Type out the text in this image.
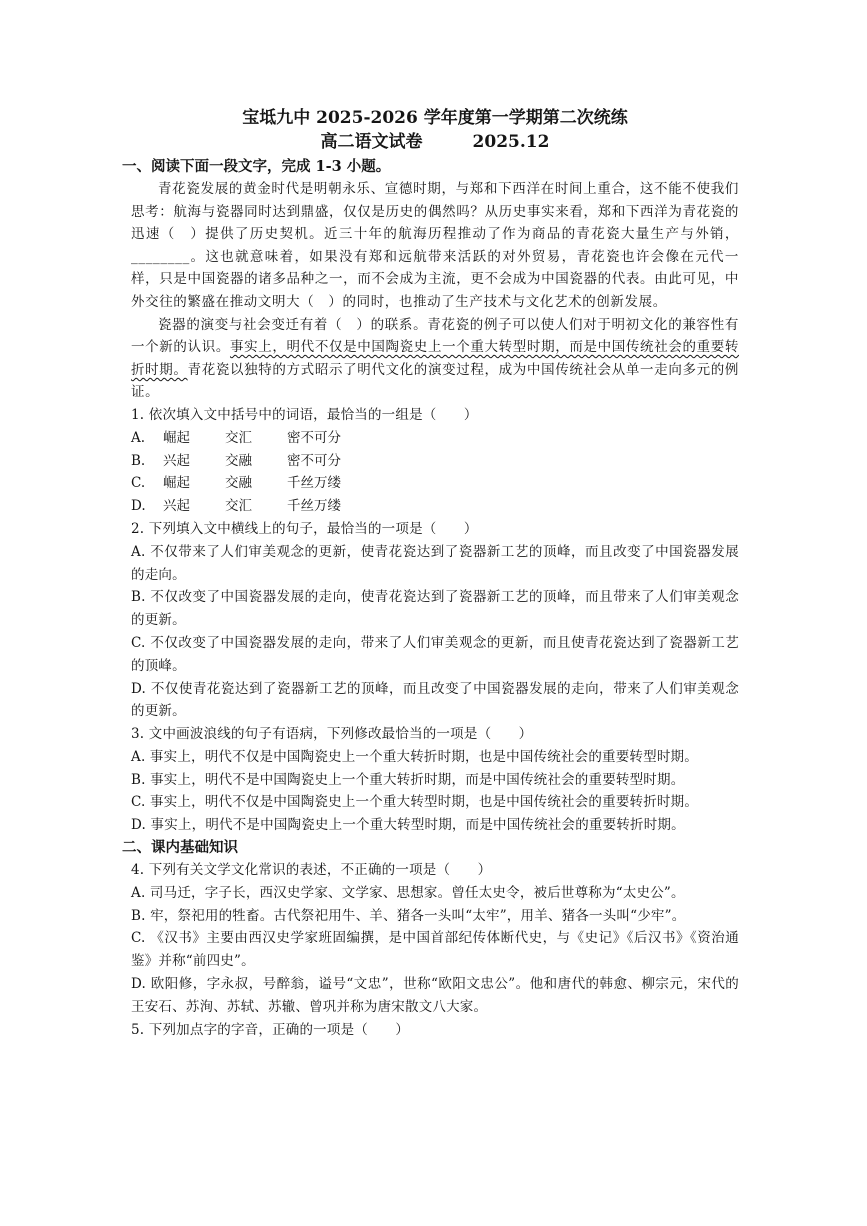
宝坻九中 2025-2026 学年度第一学期第二次统练
高二语文试卷	2025.12
一、阅读下面一段文字，完成 1-3 小题。
青花瓷发展的黄金时代是明朝永乐、宣德时期，与郑和下西洋在时间上重合，这不能不使我们思考：航海与瓷器同时达到鼎盛，仅仅是历史的偶然吗？从历史事实来看，郑和下西洋为青花瓷的迅速（　）提供了历史契机。近三十年的航海历程推动了作为商品的青花瓷大量生产与外销，________。这也就意味着，如果没有郑和远航带来活跃的对外贸易，青花瓷也许会像在元代一样，只是中国瓷器的诸多品种之一，而不会成为主流，更不会成为中国瓷器的代表。由此可见，中外交往的繁盛在推动文明大（　）的同时，也推动了生产技术与文化艺术的创新发展。
瓷器的演变与社会变迁有着（　）的联系。青花瓷的例子可以使人们对于明初文化的兼容性有一个新的认识。事实上，明代不仅是中国陶瓷史上一个重大转型时期，而是中国传统社会的重要转折时期。青花瓷以独特的方式昭示了明代文化的演变过程，成为中国传统社会从单一走向多元的例证。
1. 依次填入文中括号中的词语，最恰当的一组是（　　）
A.	崛起	交汇	密不可分
B.	兴起	交融	密不可分
C.	崛起	交融	千丝万缕
D.	兴起	交汇	千丝万缕
2. 下列填入文中横线上的句子，最恰当的一项是（　　）
A. 不仅带来了人们审美观念的更新，使青花瓷达到了瓷器新工艺的顶峰，而且改变了中国瓷器发展的走向。
B. 不仅改变了中国瓷器发展的走向，使青花瓷达到了瓷器新工艺的顶峰，而且带来了人们审美观念的更新。
C. 不仅改变了中国瓷器发展的走向，带来了人们审美观念的更新，而且使青花瓷达到了瓷器新工艺的顶峰。
D. 不仅使青花瓷达到了瓷器新工艺的顶峰，而且改变了中国瓷器发展的走向，带来了人们审美观念的更新。
3. 文中画波浪线的句子有语病，下列修改最恰当的一项是（　　）
A. 事实上，明代不仅是中国陶瓷史上一个重大转折时期，也是中国传统社会的重要转型时期。
B. 事实上，明代不是中国陶瓷史上一个重大转折时期，而是中国传统社会的重要转型时期。
C. 事实上，明代不仅是中国陶瓷史上一个重大转型时期，也是中国传统社会的重要转折时期。
D. 事实上，明代不是中国陶瓷史上一个重大转型时期，而是中国传统社会的重要转折时期。
二、课内基础知识
4. 下列有关文学文化常识的表述，不正确的一项是（　　）
A. 司马迁，字子长，西汉史学家、文学家、思想家。曾任太史令，被后世尊称为“太史公”。
B. 牢，祭祀用的牲畜。古代祭祀用牛、羊、猪各一头叫“太牢”，用羊、猪各一头叫“少牢”。
C. 《汉书》主要由西汉史学家班固编撰，是中国首部纪传体断代史，与《史记》《后汉书》《资治通鉴》并称“前四史”。
D. 欧阳修，字永叔，号醉翁，谥号“文忠”，世称“欧阳文忠公”。他和唐代的韩愈、柳宗元，宋代的王安石、苏洵、苏轼、苏辙、曾巩并称为唐宋散文八大家。
5. 下列加点字的字音，正确的一项是（　　）
